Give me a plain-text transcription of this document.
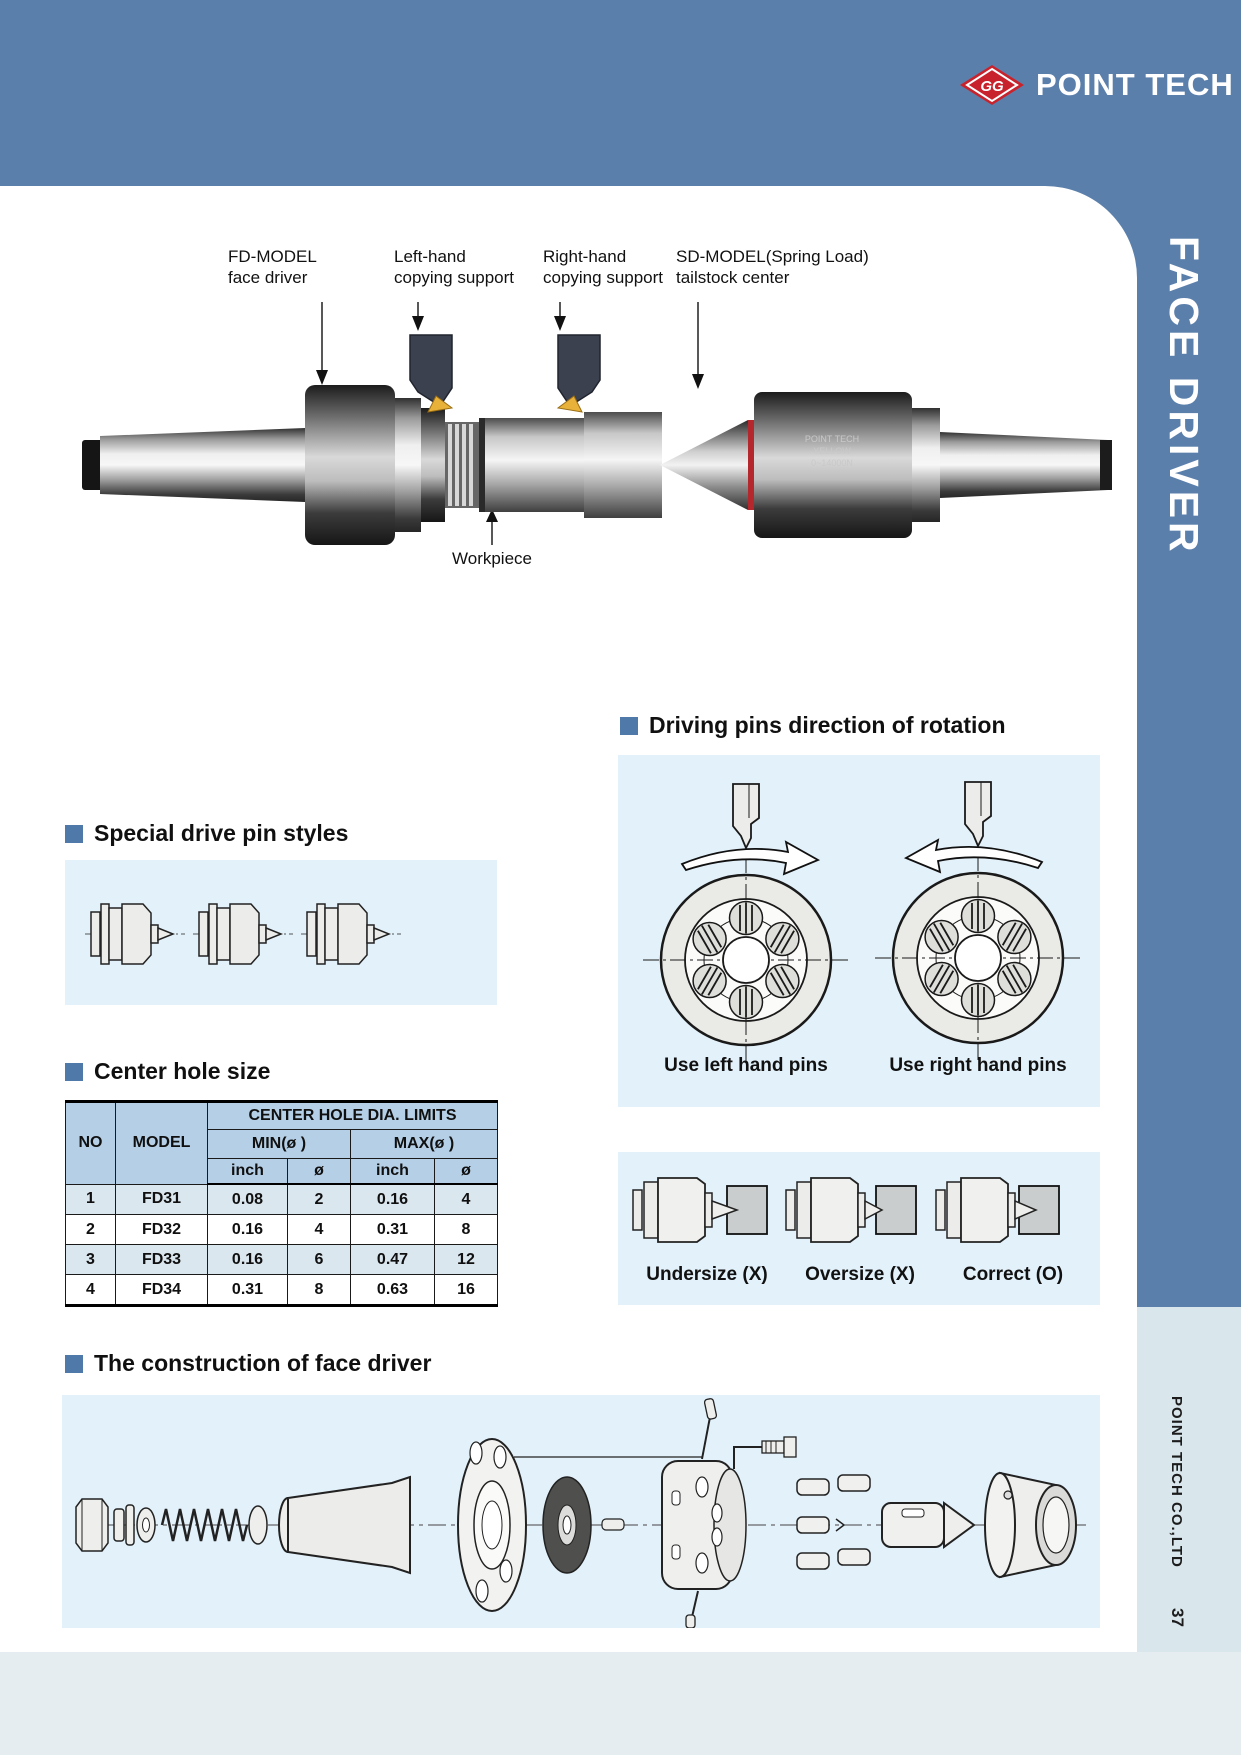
GG POINT TECH
FACE DRIVER
FD-MODEL
face driver
Left-hand
copying support
Right-hand
copying support
SD-MODEL(Spring Load)
tailstock center
Workpiece
POINT TECH
YELLOW
0~14000N
Driving pins direction of rotation
Use left hand pins	Use right hand pins
Special drive pin styles
Center hole size
NO	MODEL	CENTER HOLE DIA. LIMITS			
		MIN(ø )		MAX(ø )	
		inch	ø	inch	ø
1	FD31	0.08	2	0.16	4
2	FD32	0.16	4	0.31	8
3	FD33	0.16	6	0.47	12
4	FD34	0.31	8	0.63	16
Undersize (X)	Oversize (X)	Correct (O)
The construction of face driver
POINT TECH CO.,LTD
37
